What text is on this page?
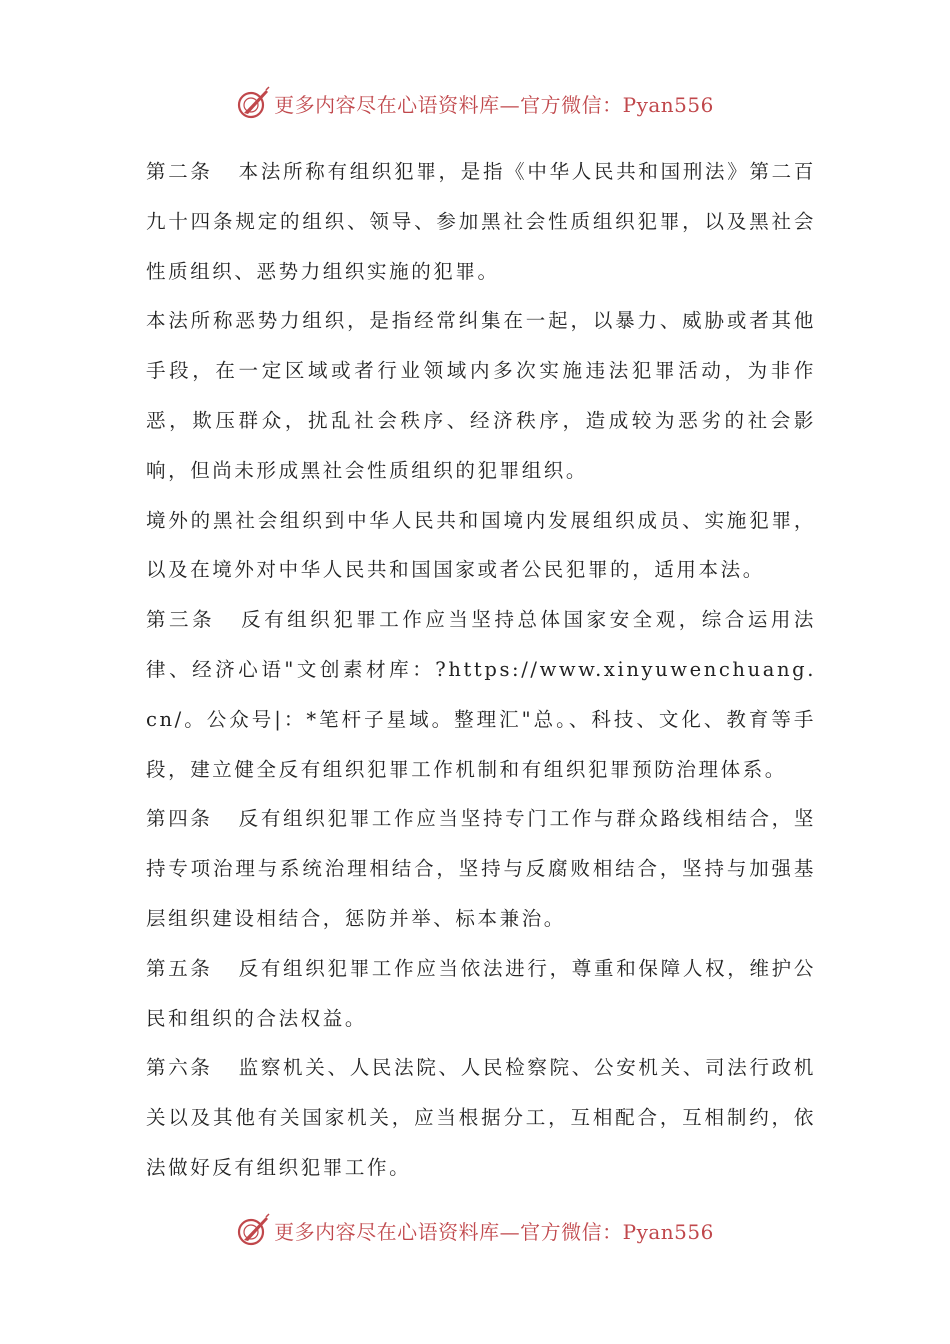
更多内容尽在心语资料库—官方微信：Pyan556

第二条 本法所称有组织犯罪，是指《中华人民共和国刑法》第二百九十四条规定的组织、领导、参加黑社会性质组织犯罪，以及黑社会性质组织、恶势力组织实施的犯罪。

本法所称恶势力组织，是指经常纠集在一起，以暴力、威胁或者其他手段，在一定区域或者行业领域内多次实施违法犯罪活动，为非作恶，欺压群众，扰乱社会秩序、经济秩序，造成较为恶劣的社会影响，但尚未形成黑社会性质组织的犯罪组织。

境外的黑社会组织到中华人民共和国境内发展组织成员、实施犯罪，以及在境外对中华人民共和国国家或者公民犯罪的，适用本法。

第三条 反有组织犯罪工作应当坚持总体国家安全观，综合运用法律、经济心语"文创素材库：?https://www.xinyuwenchuang.cn/。公众号|：*笔杆子星域。整理汇"总。、科技、文化、教育等手段，建立健全反有组织犯罪工作机制和有组织犯罪预防治理体系。

第四条 反有组织犯罪工作应当坚持专门工作与群众路线相结合，坚持专项治理与系统治理相结合，坚持与反腐败相结合，坚持与加强基层组织建设相结合，惩防并举、标本兼治。

第五条 反有组织犯罪工作应当依法进行，尊重和保障人权，维护公民和组织的合法权益。

第六条 监察机关、人民法院、人民检察院、公安机关、司法行政机关以及其他有关国家机关，应当根据分工，互相配合，互相制约，依法做好反有组织犯罪工作。

更多内容尽在心语资料库—官方微信：Pyan556
